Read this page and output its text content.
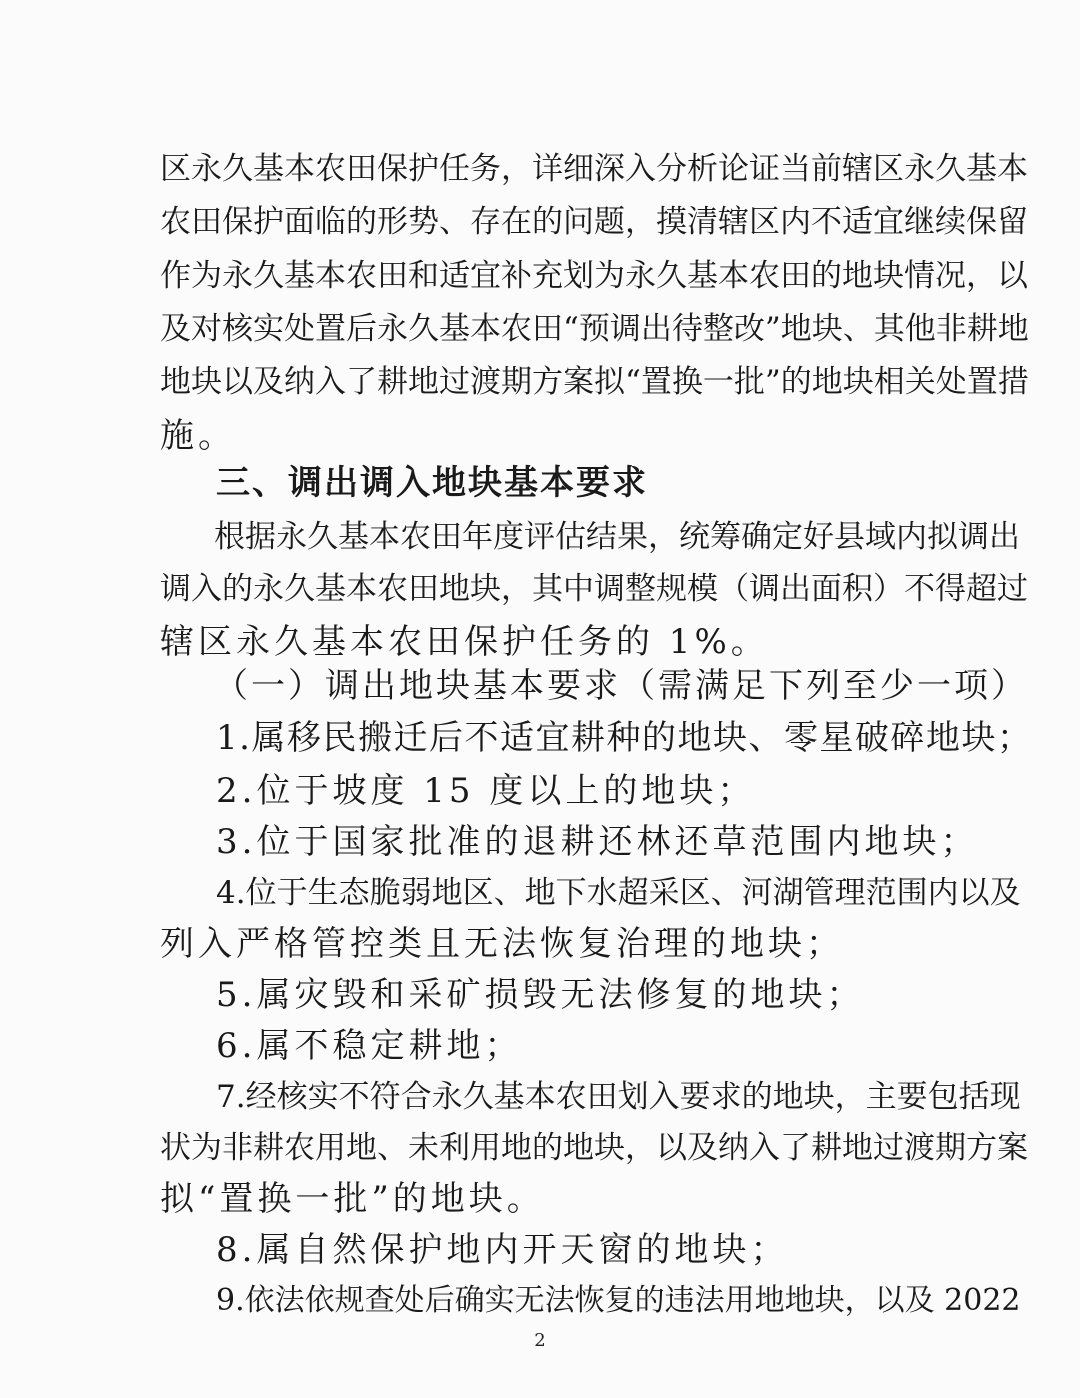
区永久基本农田保护任务，详细深入分析论证当前辖区永久基本
农田保护面临的形势、存在的问题，摸清辖区内不适宜继续保留
作为永久基本农田和适宜补充划为永久基本农田的地块情况，以
及对核实处置后永久基本农田“预调出待整改”地块、其他非耕地
地块以及纳入了耕地过渡期方案拟“置换一批”的地块相关处置措
施。
三、调出调入地块基本要求
根据永久基本农田年度评估结果，统筹确定好县域内拟调出
调入的永久基本农田地块，其中调整规模（调出面积）不得超过
辖区永久基本农田保护任务的 1%。
（一）调出地块基本要求（需满足下列至少一项）
1.属移民搬迁后不适宜耕种的地块、零星破碎地块；
2.位于坡度 15 度以上的地块；
3.位于国家批准的退耕还林还草范围内地块；
4.位于生态脆弱地区、地下水超采区、河湖管理范围内以及
列入严格管控类且无法恢复治理的地块；
5.属灾毁和采矿损毁无法修复的地块；
6.属不稳定耕地；
7.经核实不符合永久基本农田划入要求的地块，主要包括现
状为非耕农用地、未利用地的地块，以及纳入了耕地过渡期方案
拟“置换一批”的地块。
8.属自然保护地内开天窗的地块；
9.依法依规查处后确实无法恢复的违法用地地块，以及 2022
2
